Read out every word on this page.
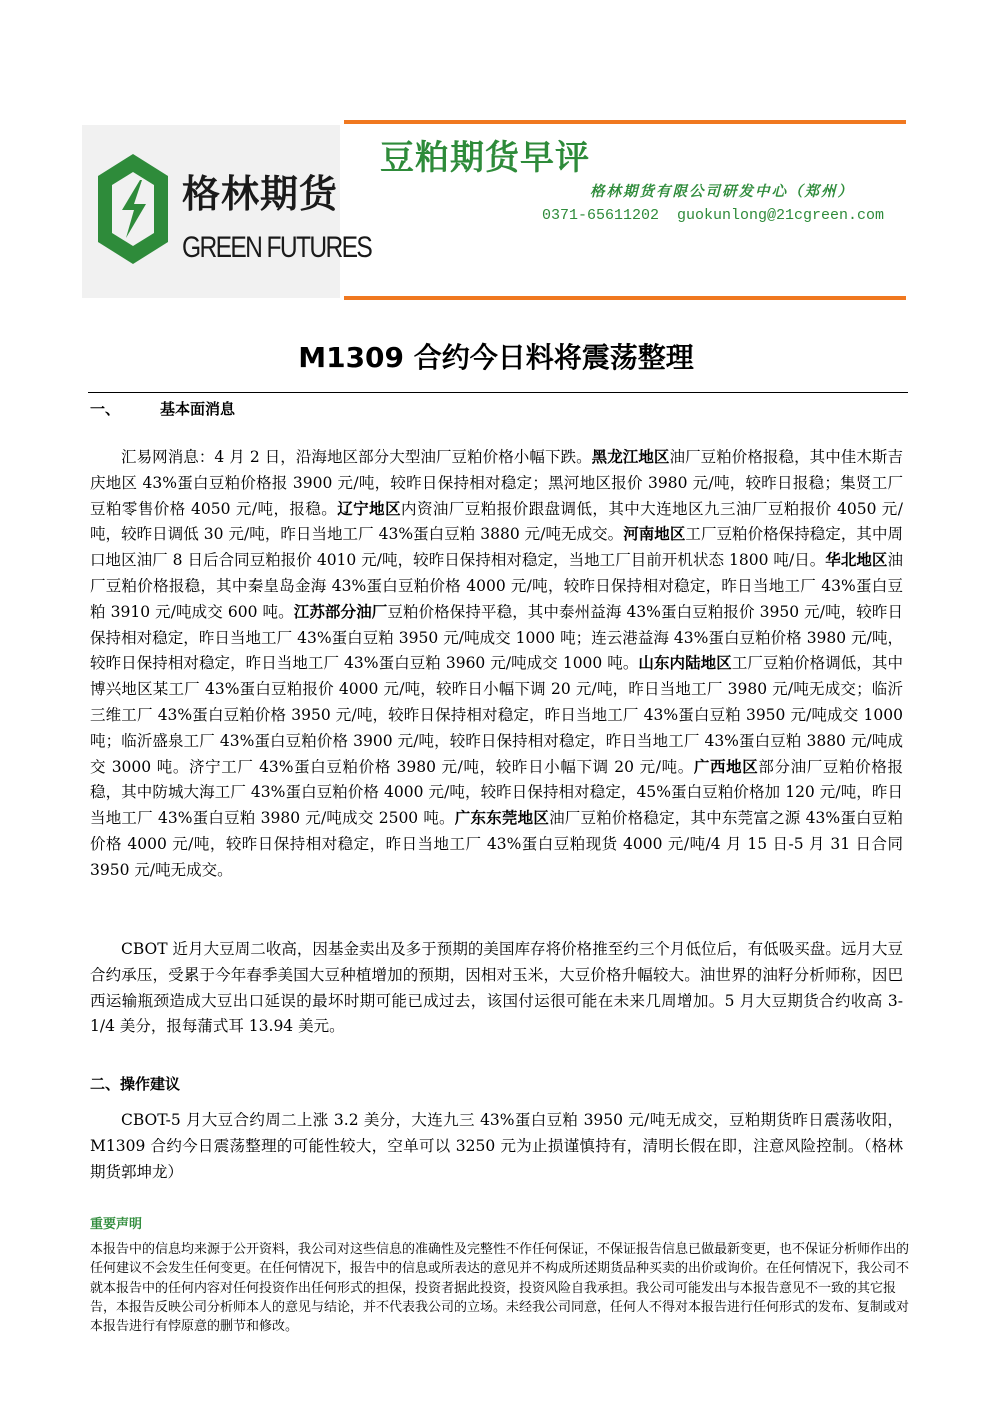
格林期货
GREEN FUTURES
豆粕期货早评
格林期货有限公司研发中心（郑州）
0371-65611202  guokunlong@21cgreen.com
M1309 合约今日料将震荡整理
一、	基本面消息
汇易网消息：4 月 2 日，沿海地区部分大型油厂豆粕价格小幅下跌。黑龙江地区油厂豆粕价格报稳，其中佳木斯吉庆地区 43%蛋白豆粕价格报 3900 元/吨，较昨日保持相对稳定；黑河地区报价 3980 元/吨，较昨日报稳；集贤工厂豆粕零售价格 4050 元/吨，报稳。辽宁地区内资油厂豆粕报价跟盘调低，其中大连地区九三油厂豆粕报价 4050 元/吨，较昨日调低 30 元/吨，昨日当地工厂 43%蛋白豆粕 3880 元/吨无成交。河南地区工厂豆粕价格保持稳定，其中周口地区油厂 8 日后合同豆粕报价 4010 元/吨，较昨日保持相对稳定，当地工厂目前开机状态 1800 吨/日。华北地区油厂豆粕价格报稳，其中秦皇岛金海 43%蛋白豆粕价格 4000 元/吨，较昨日保持相对稳定，昨日当地工厂 43%蛋白豆粕 3910 元/吨成交 600 吨。江苏部分油厂豆粕价格保持平稳，其中泰州益海 43%蛋白豆粕报价 3950 元/吨，较昨日保持相对稳定，昨日当地工厂 43%蛋白豆粕 3950 元/吨成交 1000 吨；连云港益海 43%蛋白豆粕价格 3980 元/吨，较昨日保持相对稳定，昨日当地工厂 43%蛋白豆粕 3960 元/吨成交 1000 吨。山东内陆地区工厂豆粕价格调低，其中博兴地区某工厂 43%蛋白豆粕报价 4000 元/吨，较昨日小幅下调 20 元/吨，昨日当地工厂 3980 元/吨无成交；临沂三维工厂 43%蛋白豆粕价格 3950 元/吨，较昨日保持相对稳定，昨日当地工厂 43%蛋白豆粕 3950 元/吨成交 1000 吨；临沂盛泉工厂 43%蛋白豆粕价格 3900 元/吨，较昨日保持相对稳定，昨日当地工厂 43%蛋白豆粕 3880 元/吨成交 3000 吨。济宁工厂 43%蛋白豆粕价格 3980 元/吨，较昨日小幅下调 20 元/吨。广西地区部分油厂豆粕价格报稳，其中防城大海工厂 43%蛋白豆粕价格 4000 元/吨，较昨日保持相对稳定，45%蛋白豆粕价格加 120 元/吨，昨日当地工厂 43%蛋白豆粕 3980 元/吨成交 2500 吨。广东东莞地区油厂豆粕价格稳定，其中东莞富之源 43%蛋白豆粕价格 4000 元/吨，较昨日保持相对稳定，昨日当地工厂 43%蛋白豆粕现货 4000 元/吨/4 月 15 日-5 月 31 日合同 3950 元/吨无成交。
CBOT 近月大豆周二收高，因基金卖出及多于预期的美国库存将价格推至约三个月低位后，有低吸买盘。远月大豆合约承压，受累于今年春季美国大豆种植增加的预期，因相对玉米，大豆价格升幅较大。油世界的油籽分析师称，因巴西运输瓶颈造成大豆出口延误的最坏时期可能已成过去，该国付运很可能在未来几周增加。5 月大豆期货合约收高 3-1/4 美分，报每蒲式耳 13.94 美元。
二、操作建议
CBOT-5 月大豆合约周二上涨 3.2 美分，大连九三 43%蛋白豆粕 3950 元/吨无成交，豆粕期货昨日震荡收阳，M1309 合约今日震荡整理的可能性较大，空单可以 3250 元为止损谨慎持有，清明长假在即，注意风险控制。（格林期货郭坤龙）
重要声明
本报告中的信息均来源于公开资料，我公司对这些信息的准确性及完整性不作任何保证，不保证报告信息已做最新变更，也不保证分析师作出的任何建议不会发生任何变更。在任何情况下，报告中的信息或所表达的意见并不构成所述期货品种买卖的出价或询价。在任何情况下，我公司不就本报告中的任何内容对任何投资作出任何形式的担保，投资者据此投资，投资风险自我承担。我公司可能发出与本报告意见不一致的其它报告，本报告反映公司分析师本人的意见与结论，并不代表我公司的立场。未经我公司同意，任何人不得对本报告进行任何形式的发布、复制或对本报告进行有悖原意的删节和修改。
